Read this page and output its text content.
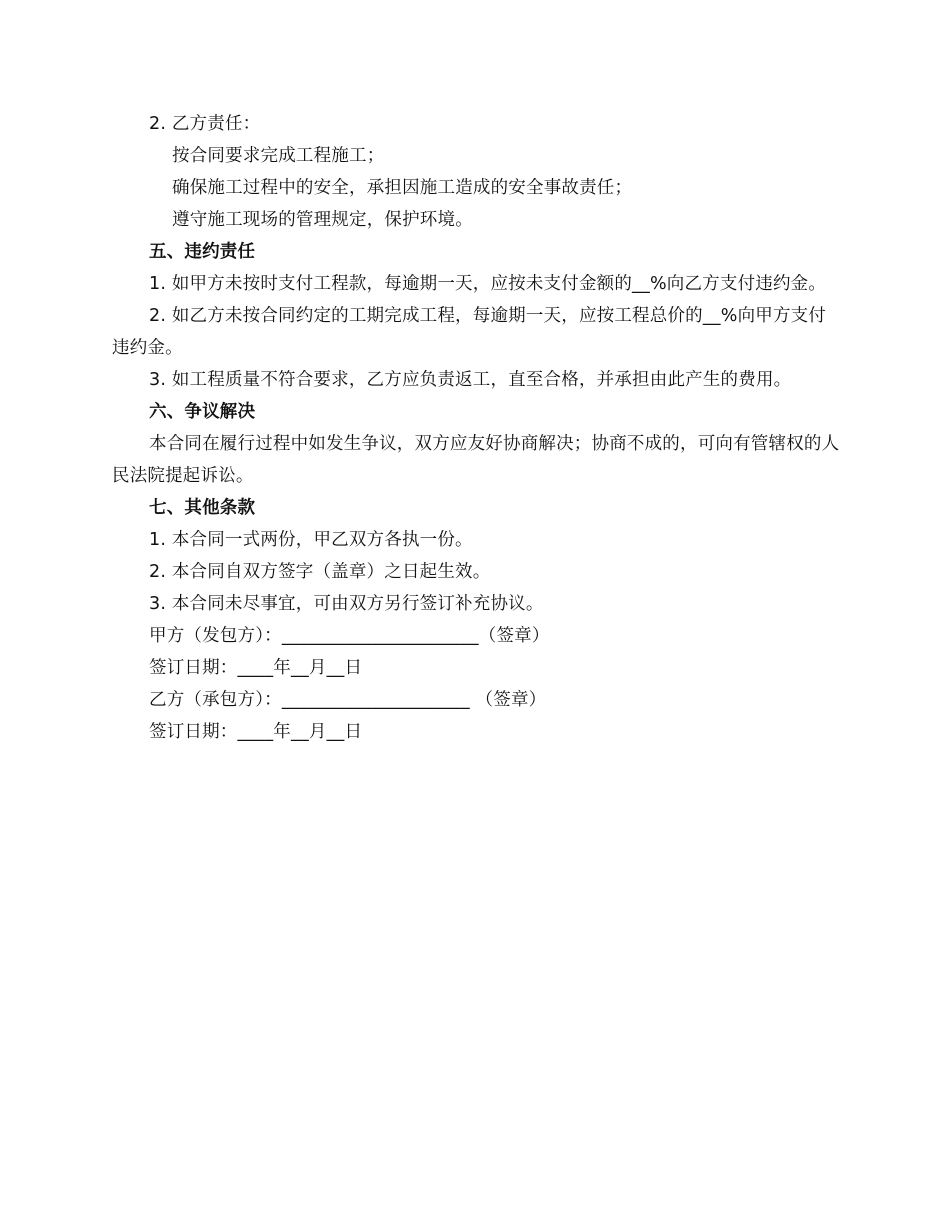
2. 乙方责任：

按合同要求完成工程施工；

确保施工过程中的安全，承担因施工造成的安全事故责任；

遵守施工现场的管理规定，保护环境。

五、违约责任

1. 如甲方未按时支付工程款，每逾期一天，应按未支付金额的__%向乙方支付违约金。

2. 如乙方未按合同约定的工期完成工程，每逾期一天，应按工程总价的__%向甲方支付违约金。

3. 如工程质量不符合要求，乙方应负责返工，直至合格，并承担由此产生的费用。

六、争议解决

本合同在履行过程中如发生争议，双方应友好协商解决；协商不成的，可向有管辖权的人民法院提起诉讼。

七、其他条款

1. 本合同一式两份，甲乙双方各执一份。

2. 本合同自双方签字（盖章）之日起生效。

3. 本合同未尽事宜，可由双方另行签订补充协议。

甲方（发包方）：______________________（签章）

签订日期：____年__月__日

乙方（承包方）：_____________________ （签章）

签订日期：____年__月__日
